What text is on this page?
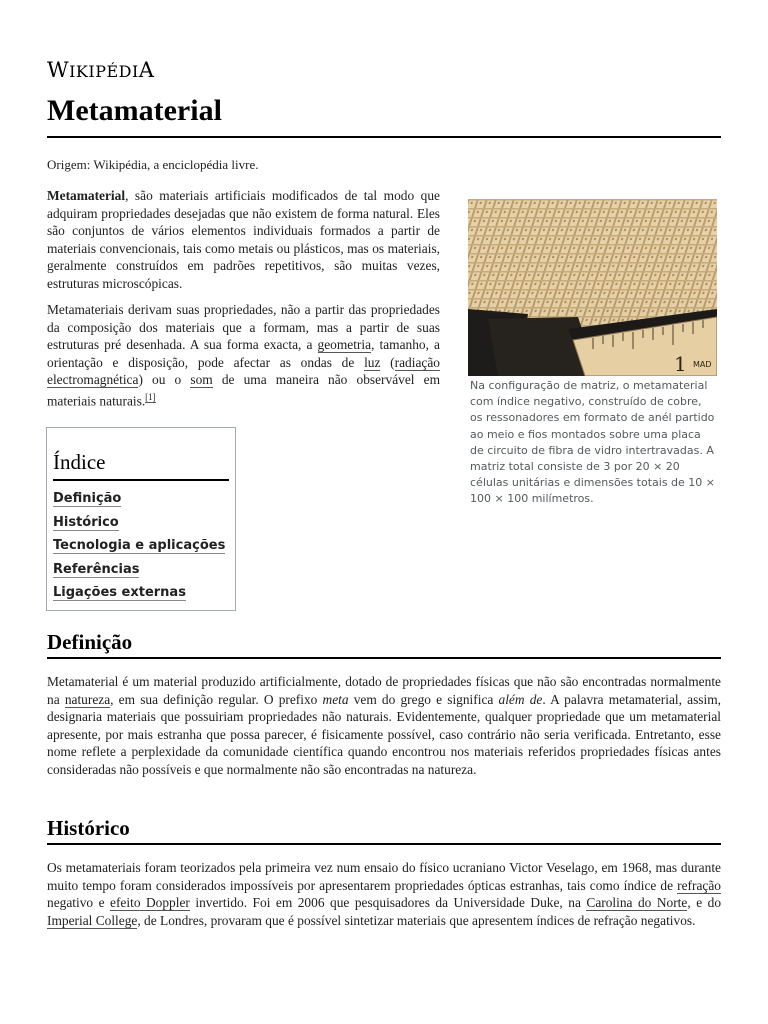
WIKIPÉDIA
Metamaterial
Origem: Wikipédia, a enciclopédia livre.

Metamaterial, são materiais artificiais modificados de tal modo que adquiram propriedades desejadas que não existem de forma natural. Eles são conjuntos de vários elementos individuais formados a partir de materiais convencionais, tais como metais ou plásticos, mas os materiais, geralmente construídos em padrões repetitivos, são muitas vezes, estruturas microscópicas.

Metamateriais derivam suas propriedades, não a partir das propriedades da composição dos materiais que a formam, mas a partir de suas estruturas pré desenhada. A sua forma exacta, a geometria, tamanho, a orientação e disposição, pode afectar as ondas de luz (radiação electromagnética) ou o som de uma maneira não observável em materiais naturais.[1]

1 MAD
Na configuração de matriz, o metamaterial com índice negativo, construído de cobre, os ressonadores em formato de anél partido ao meio e fios montados sobre uma placa de circuito de fibra de vidro intertravadas. A matriz total consiste de 3 por 20 × 20 células unitárias e dimensões totais de 10 × 100 × 100 milímetros.
Índice
Definição
Histórico
Tecnologia e aplicações
Referências
Ligações externas
Definição

Metamaterial é um material produzido artificialmente, dotado de propriedades físicas que não são encontradas normalmente na natureza, em sua definição regular. O prefixo meta vem do grego e significa além de. A palavra metamaterial, assim, designaria materiais que possuiriam propriedades não naturais. Evidentemente, qualquer propriedade que um metamaterial apresente, por mais estranha que possa parecer, é fisicamente possível, caso contrário não seria verificada. Entretanto, esse nome reflete a perplexidade da comunidade científica quando encontrou nos materiais referidos propriedades físicas antes consideradas não possíveis e que normalmente não são encontradas na natureza.

Histórico

Os metamateriais foram teorizados pela primeira vez num ensaio do físico ucraniano Victor Veselago, em 1968, mas durante muito tempo foram considerados impossíveis por apresentarem propriedades ópticas estranhas, tais como índice de refração negativo e efeito Doppler invertido. Foi em 2006 que pesquisadores da Universidade Duke, na Carolina do Norte, e do Imperial College, de Londres, provaram que é possível sintetizar materiais que apresentem índices de refração negativos.
